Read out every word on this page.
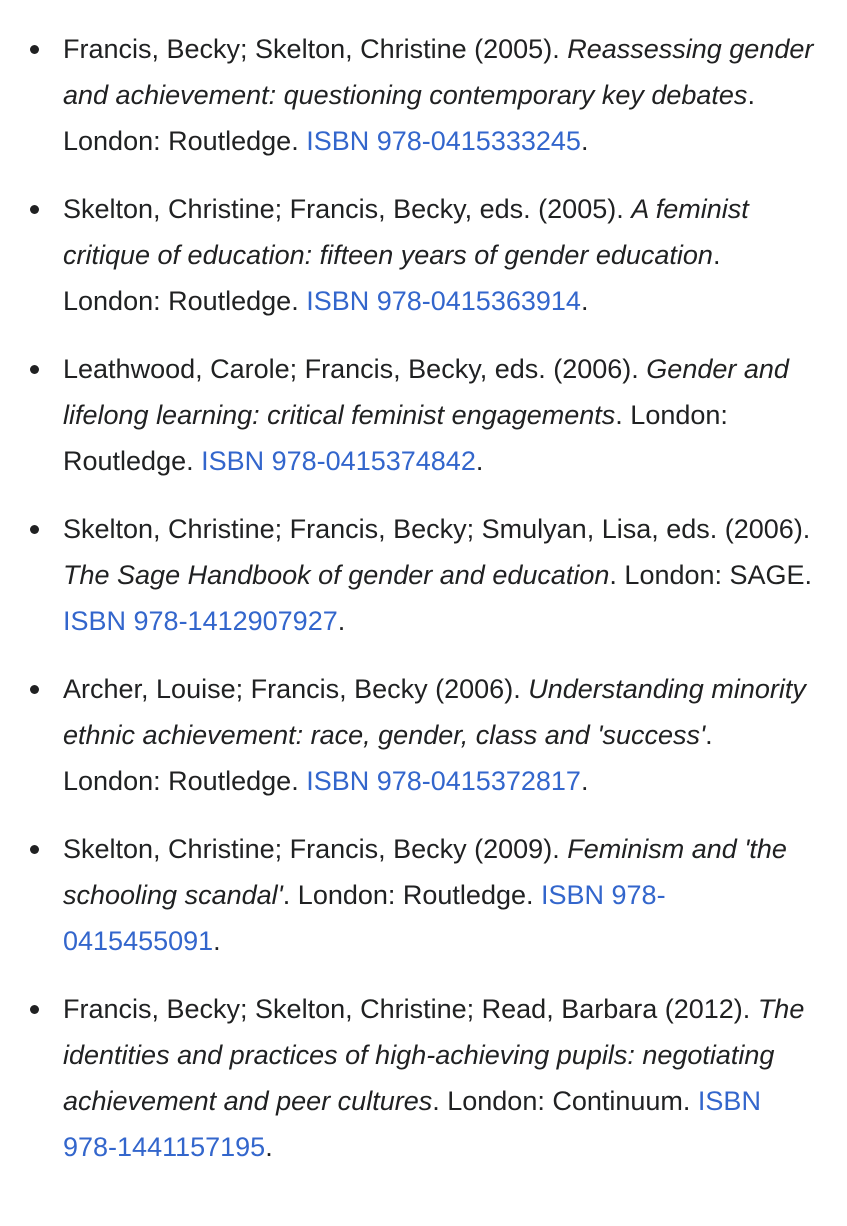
Francis, Becky; Skelton, Christine (2005). Reassessing gender and achievement: questioning contemporary key debates. London: Routledge. ISBN 978-0415333245.
Skelton, Christine; Francis, Becky, eds. (2005). A feminist critique of education: fifteen years of gender education. London: Routledge. ISBN 978-0415363914.
Leathwood, Carole; Francis, Becky, eds. (2006). Gender and lifelong learning: critical feminist engagements. London: Routledge. ISBN 978-0415374842.
Skelton, Christine; Francis, Becky; Smulyan, Lisa, eds. (2006). The Sage Handbook of gender and education. London: SAGE. ISBN 978-1412907927.
Archer, Louise; Francis, Becky (2006). Understanding minority ethnic achievement: race, gender, class and 'success'. London: Routledge. ISBN 978-0415372817.
Skelton, Christine; Francis, Becky (2009). Feminism and 'the schooling scandal'. London: Routledge. ISBN 978-0415455091.
Francis, Becky; Skelton, Christine; Read, Barbara (2012). The identities and practices of high-achieving pupils: negotiating achievement and peer cultures. London: Continuum. ISBN 978-1441157195.
